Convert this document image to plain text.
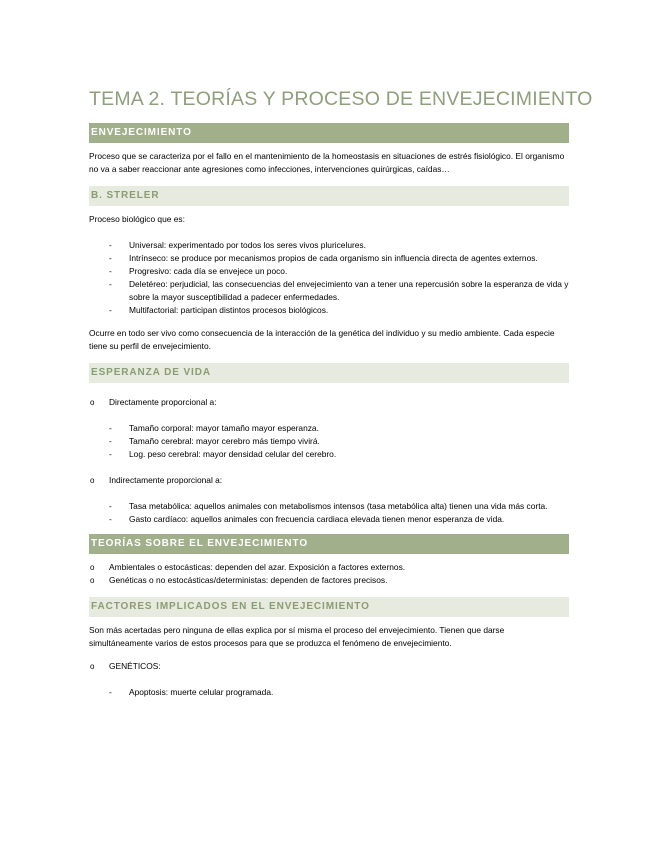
TEMA 2. TEORÍAS Y PROCESO DE ENVEJECIMIENTO
ENVEJECIMIENTO

Proceso que se caracteriza por el fallo en el mantenimiento de la homeostasis en situaciones de estrés fisiológico. El organismo no va a saber reaccionar ante agresiones como infecciones, intervenciones quirúrgicas, caídas…

B. STRELER

Proceso biológico que es:

- Universal: experimentado por todos los seres vivos pluricelures.
- Intrínseco: se produce por mecanismos propios de cada organismo sin influencia directa de agentes externos.
- Progresivo: cada día se envejece un poco.
- Deletéreo: perjudicial, las consecuencias del envejecimiento van a tener una repercusión sobre la esperanza de vida y sobre la mayor susceptibilidad a padecer enfermedades.
- Multifactorial: participan distintos procesos biológicos.

Ocurre en todo ser vivo como consecuencia de la interacción de la genética del individuo y su medio ambiente. Cada especie tiene su perfil de envejecimiento.

ESPERANZA DE VIDA
o Directamente proporcional a:
- Tamaño corporal: mayor tamaño mayor esperanza.
- Tamaño cerebral: mayor cerebro más tiempo vivirá.
- Log. peso cerebral: mayor densidad celular del cerebro.
o Indirectamente proporcional a:
- Tasa metabólica: aquellos animales con metabolismos intensos (tasa metabólica alta) tienen una vida más corta.
- Gasto cardíaco: aquellos animales con frecuencia cardiaca elevada tienen menor esperanza de vida.
TEORÍAS SOBRE EL ENVEJECIMIENTO
o Ambientales o estocásticas: dependen del azar. Exposición a factores externos.
o Genéticas o no estocásticas/deterministas: dependen de factores precisos.
FACTORES IMPLICADOS EN EL ENVEJECIMIENTO

Son más acertadas pero ninguna de ellas explica por sí misma el proceso del envejecimiento. Tienen que darse simultáneamente varios de estos procesos para que se produzca el fenómeno de envejecimiento.

o GENÉTICOS:
- Apoptosis: muerte celular programada.
